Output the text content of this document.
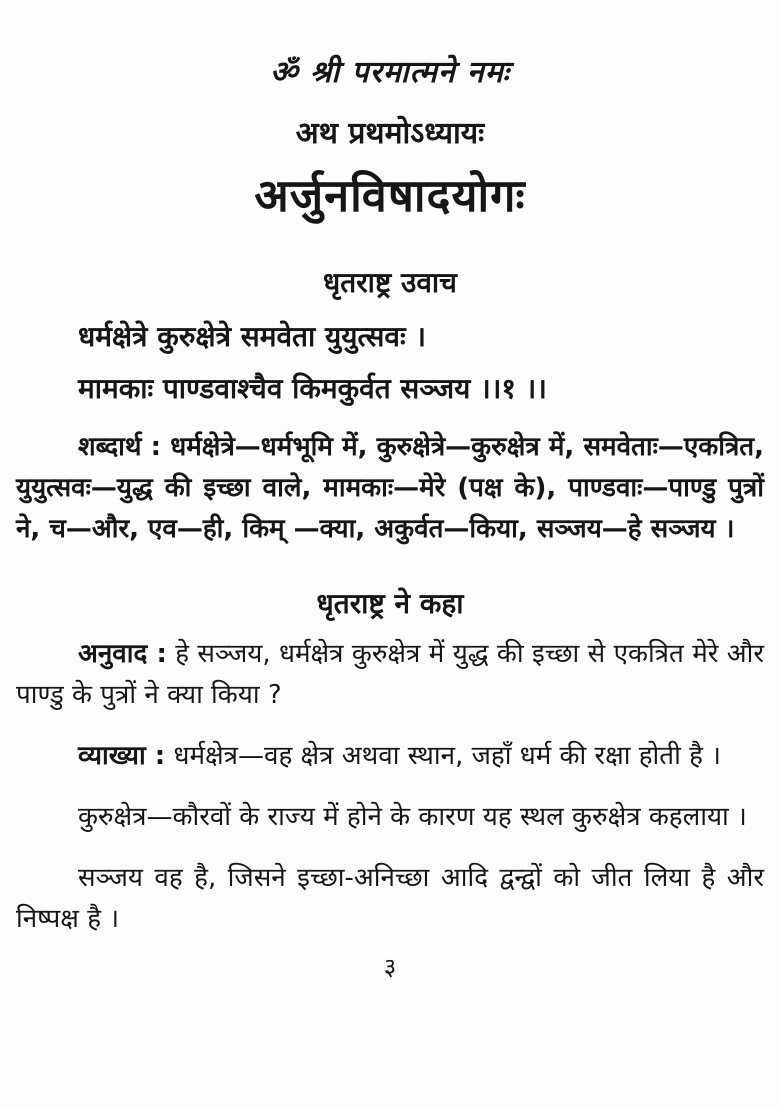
ॐ श्री परमात्मने नमः
अथ प्रथमोऽध्यायः
अर्जुनविषादयोगः
धृतराष्ट्र उवाच
धर्मक्षेत्रे कुरुक्षेत्रे समवेता युयुत्सवः ।
मामकाः पाण्डवाश्चैव किमकुर्वत सञ्जय ।।१ ।।

शब्दार्थ : धर्मक्षेत्रे—धर्मभूमि में, कुरुक्षेत्रे—कुरुक्षेत्र में, समवेताः—एकत्रित, युयुत्सवः—युद्ध की इच्छा वाले, मामकाः—मेरे (पक्ष के), पाण्डवाः—पाण्डु पुत्रों ने, च—और, एव—ही, किम् —क्या, अकुर्वत—किया, सञ्जय—हे सञ्जय ।

धृतराष्ट्र ने कहा

अनुवाद : हे सञ्जय, धर्मक्षेत्र कुरुक्षेत्र में युद्ध की इच्छा से एकत्रित मेरे और पाण्डु के पुत्रों ने क्या किया ?

व्याख्या : धर्मक्षेत्र—वह क्षेत्र अथवा स्थान, जहाँ धर्म की रक्षा होती है ।

कुरुक्षेत्र—कौरवों के राज्य में होने के कारण यह स्थल कुरुक्षेत्र कहलाया ।

सञ्जय वह है, जिसने इच्छा-अनिच्छा आदि द्वन्द्वों को जीत लिया है और निष्पक्ष है ।

३
